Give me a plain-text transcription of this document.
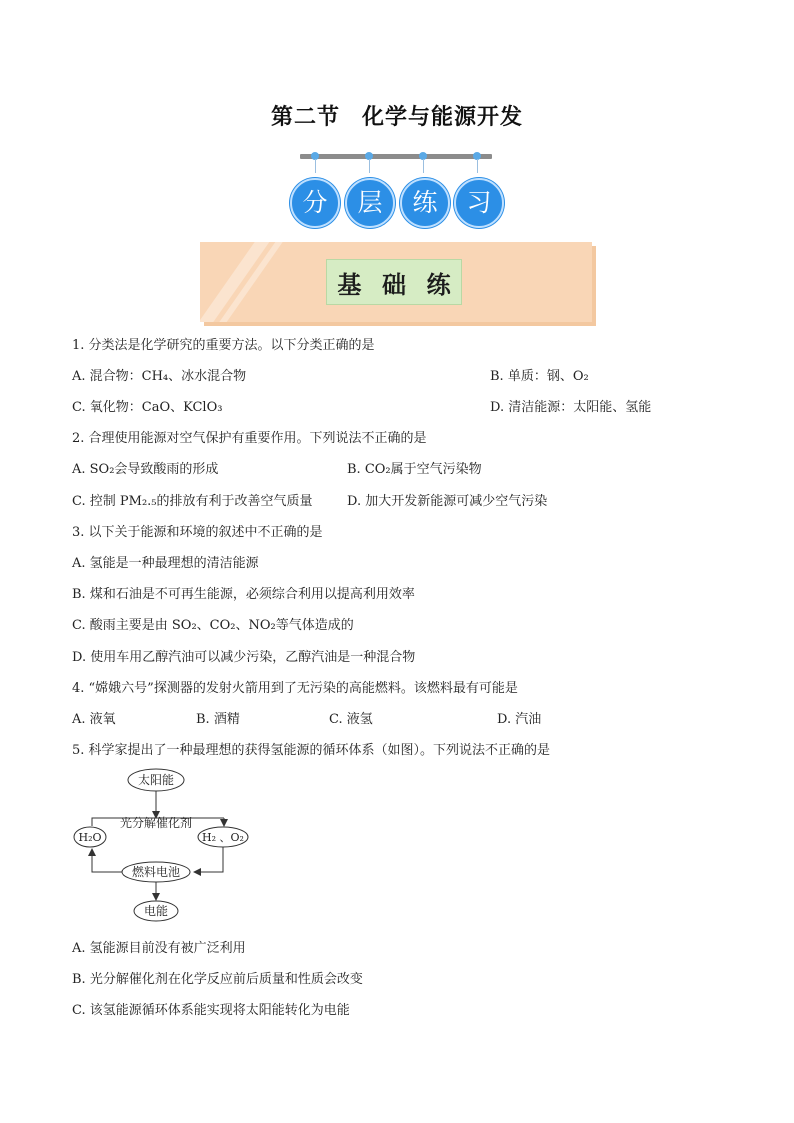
第二节 化学与能源开发
分	层	练	习
基 础 练
1. 分类法是化学研究的重要方法。以下分类正确的是
A. 混合物：CH₄、冰水混合物	B. 单质：钢、O₂
C. 氧化物：CaO、KClO₃	D. 清洁能源：太阳能、氢能
2. 合理使用能源对空气保护有重要作用。下列说法不正确的是
A. SO₂会导致酸雨的形成	B. CO₂属于空气污染物
C. 控制 PM₂.₅的排放有利于改善空气质量	D. 加大开发新能源可减少空气污染
3. 以下关于能源和环境的叙述中不正确的是
A. 氢能是一种最理想的清洁能源
B. 煤和石油是不可再生能源，必须综合利用以提高利用效率
C. 酸雨主要是由 SO₂、CO₂、NO₂等气体造成的
D. 使用车用乙醇汽油可以减少污染，乙醇汽油是一种混合物
4. “嫦娥六号”探测器的发射火箭用到了无污染的高能燃料。该燃料最有可能是
A. 液氧	B. 酒精	C. 液氢	D. 汽油
5. 科学家提出了一种最理想的获得氢能源的循环体系（如图）。下列说法不正确的是
太阳能
光分解催化剂
H₂O	H₂ 、O₂
燃料电池
电能
A. 氢能源目前没有被广泛利用
B. 光分解催化剂在化学反应前后质量和性质会改变
C. 该氢能源循环体系能实现将太阳能转化为电能
